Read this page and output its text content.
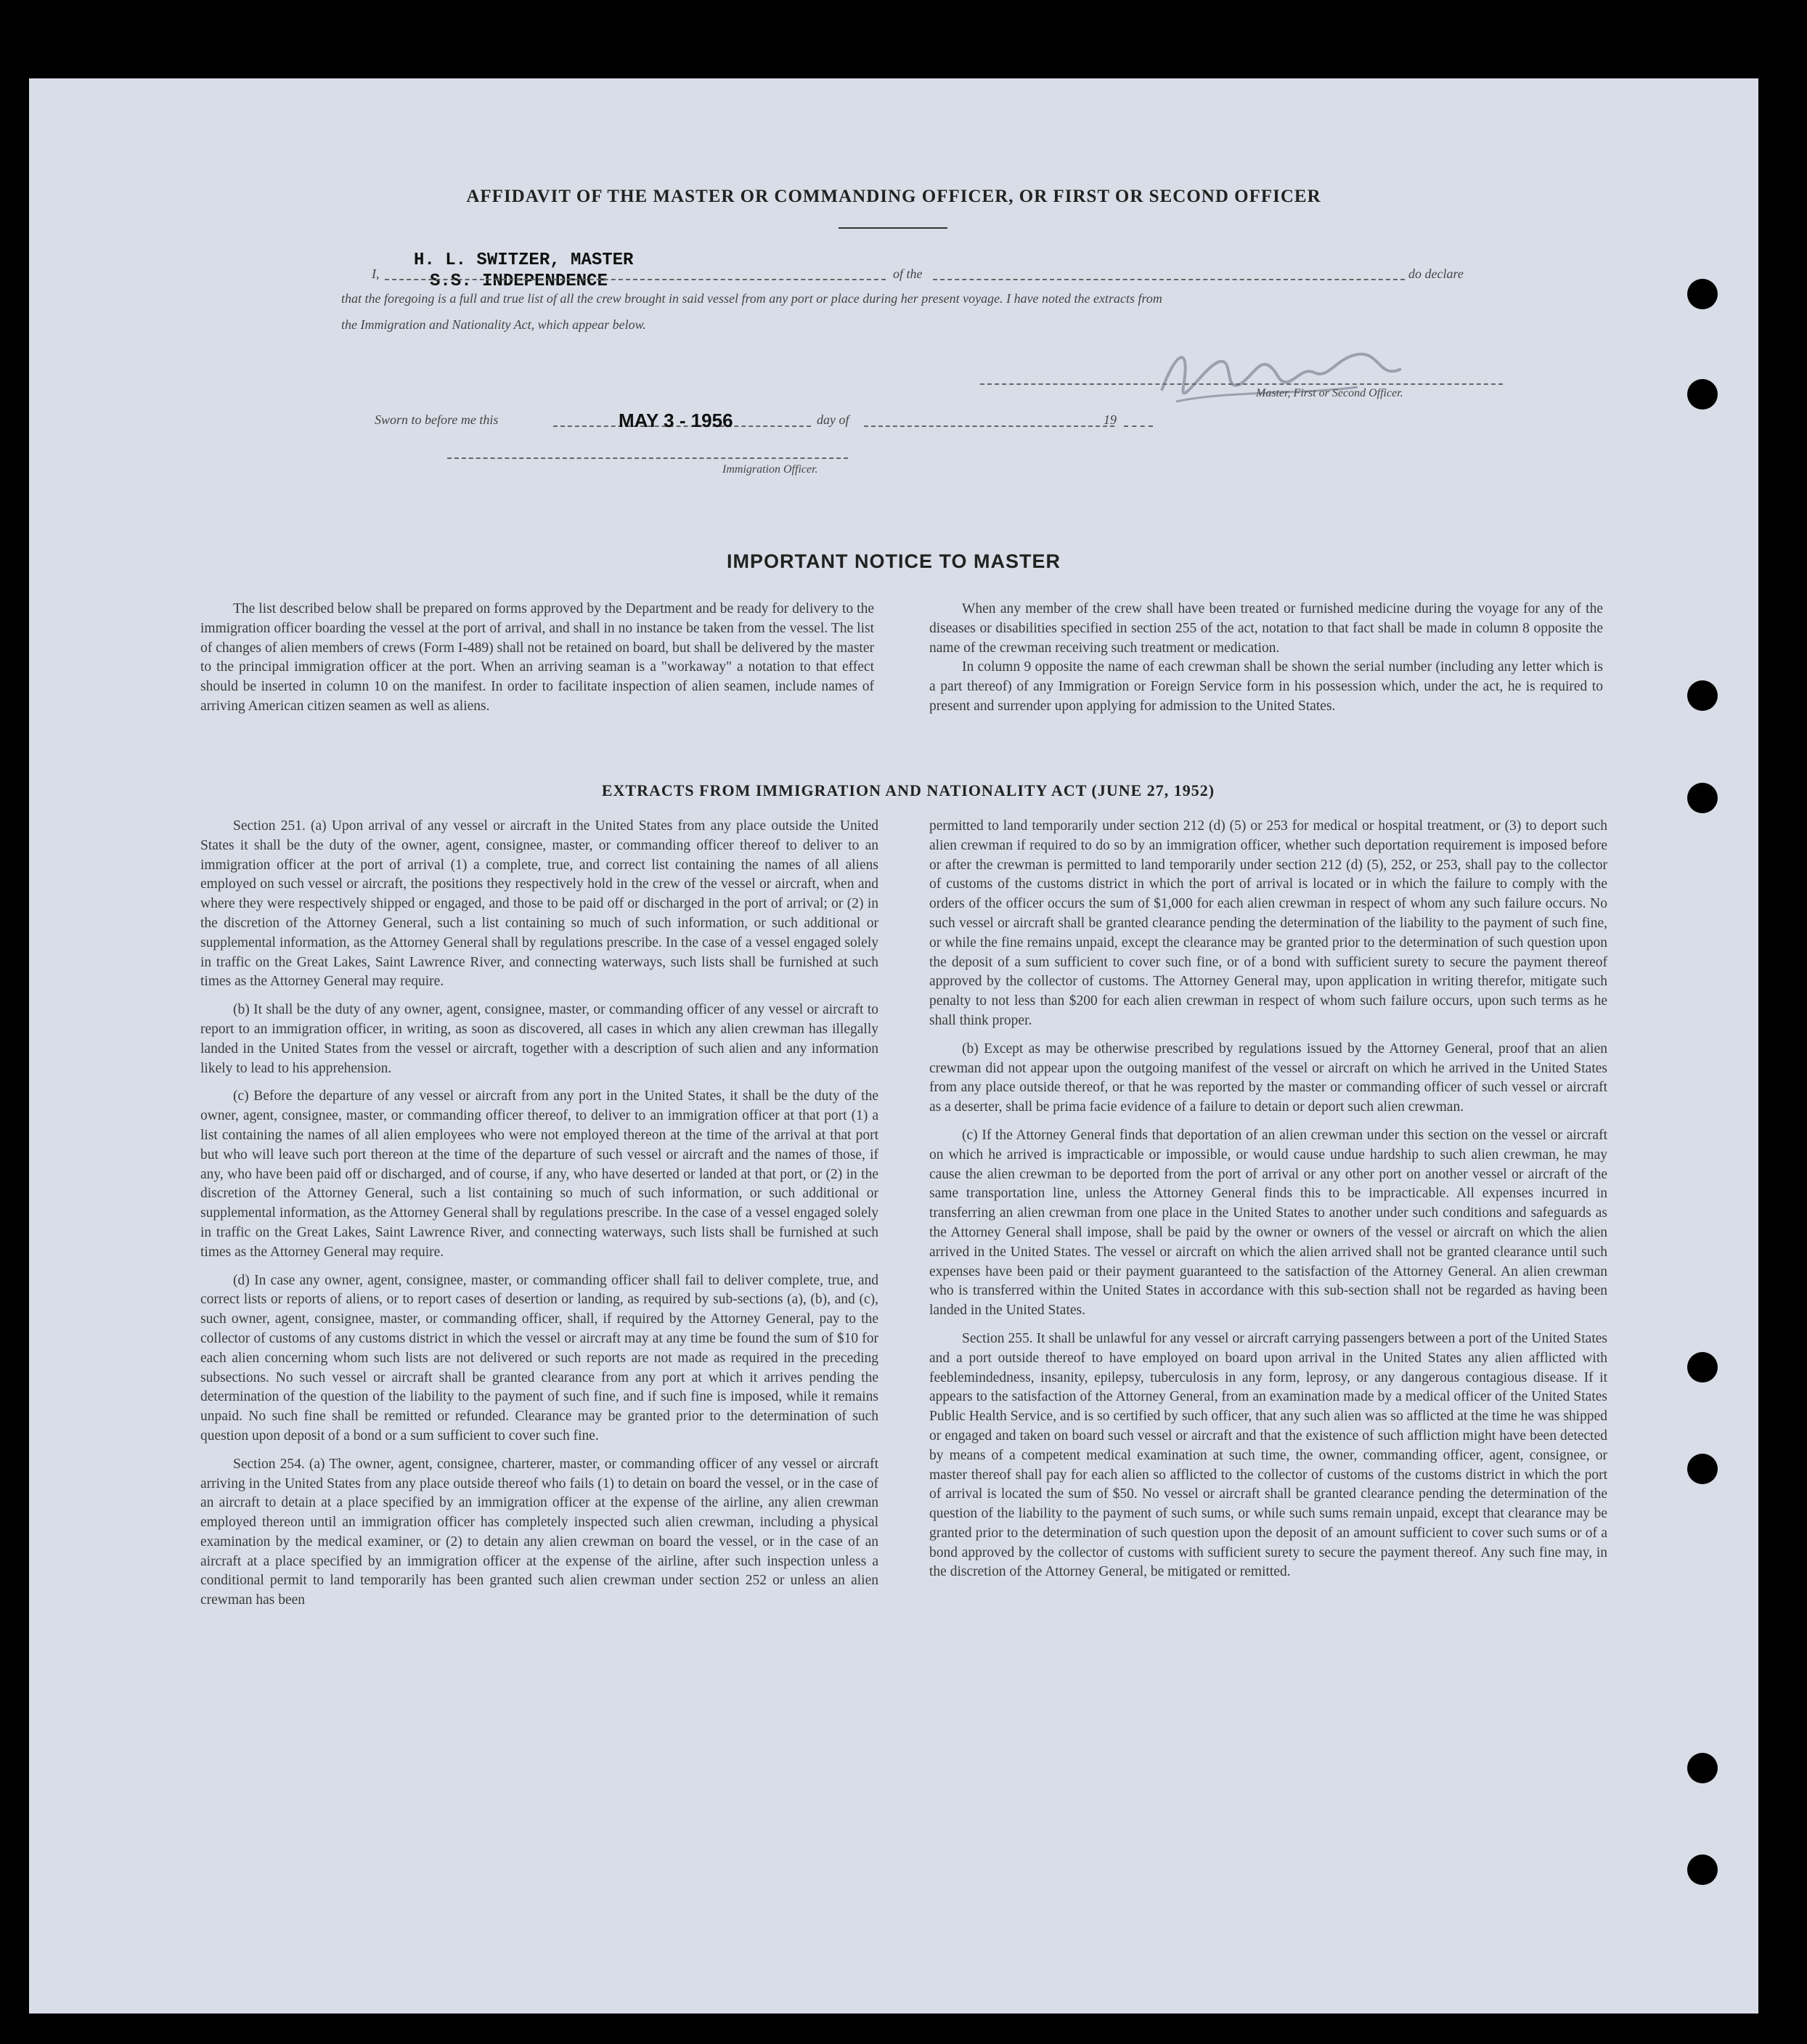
AFFIDAVIT OF THE MASTER OR COMMANDING OFFICER, OR FIRST OR SECOND OFFICER
H. L. SWITZER, MASTER
S.S. INDEPENDENCE
I,	of the	do declare
that the foregoing is a full and true list of all the crew brought in said vessel from any port or place during her present voyage. I have noted the extracts from
the Immigration and Nationality Act, which appear below.
Master, First or Second Officer.
Sworn to before me this	MAY 3 - 1956	day of	19
Immigration Officer.
IMPORTANT NOTICE TO MASTER

The list described below shall be prepared on forms approved by the Department and be ready for delivery to the immigration officer boarding the vessel at the port of arrival, and shall in no instance be taken from the vessel. The list of changes of alien members of crews (Form I-489) shall not be retained on board, but shall be delivered by the master to the principal immigration officer at the port. When an arriving seaman is a "workaway" a notation to that effect should be inserted in column 10 on the manifest. In order to facilitate inspection of alien seamen, include names of arriving American citizen seamen as well as aliens.

When any member of the crew shall have been treated or furnished medicine during the voyage for any of the diseases or disabilities specified in section 255 of the act, notation to that fact shall be made in column 8 opposite the name of the crewman receiving such treatment or medication.

In column 9 opposite the name of each crewman shall be shown the serial number (including any letter which is a part thereof) of any Immigration or Foreign Service form in his possession which, under the act, he is required to present and surrender upon applying for admission to the United States.

EXTRACTS FROM IMMIGRATION AND NATIONALITY ACT (JUNE 27, 1952)

Section 251. (a) Upon arrival of any vessel or aircraft in the United States from any place outside the United States it shall be the duty of the owner, agent, consignee, master, or commanding officer thereof to deliver to an immigration officer at the port of arrival (1) a complete, true, and correct list containing the names of all aliens employed on such vessel or aircraft, the positions they respectively hold in the crew of the vessel or aircraft, when and where they were respectively shipped or engaged, and those to be paid off or discharged in the port of arrival; or (2) in the discretion of the Attorney General, such a list containing so much of such information, or such additional or supplemental information, as the Attorney General shall by regulations prescribe. In the case of a vessel engaged solely in traffic on the Great Lakes, Saint Lawrence River, and connecting waterways, such lists shall be furnished at such times as the Attorney General may require.

(b) It shall be the duty of any owner, agent, consignee, master, or commanding officer of any vessel or aircraft to report to an immigration officer, in writing, as soon as discovered, all cases in which any alien crewman has illegally landed in the United States from the vessel or aircraft, together with a description of such alien and any information likely to lead to his apprehension.

(c) Before the departure of any vessel or aircraft from any port in the United States, it shall be the duty of the owner, agent, consignee, master, or commanding officer thereof, to deliver to an immigration officer at that port (1) a list containing the names of all alien employees who were not employed thereon at the time of the arrival at that port but who will leave such port thereon at the time of the departure of such vessel or aircraft and the names of those, if any, who have been paid off or discharged, and of course, if any, who have deserted or landed at that port, or (2) in the discretion of the Attorney General, such a list containing so much of such information, or such additional or supplemental information, as the Attorney General shall by regulations prescribe. In the case of a vessel engaged solely in traffic on the Great Lakes, Saint Lawrence River, and connecting waterways, such lists shall be furnished at such times as the Attorney General may require.

(d) In case any owner, agent, consignee, master, or commanding officer shall fail to deliver complete, true, and correct lists or reports of aliens, or to report cases of desertion or landing, as required by sub-sections (a), (b), and (c), such owner, agent, consignee, master, or commanding officer, shall, if required by the Attorney General, pay to the collector of customs of any customs district in which the vessel or aircraft may at any time be found the sum of $10 for each alien concerning whom such lists are not delivered or such reports are not made as required in the preceding subsections. No such vessel or aircraft shall be granted clearance from any port at which it arrives pending the determination of the question of the liability to the payment of such fine, and if such fine is imposed, while it remains unpaid. No such fine shall be remitted or refunded. Clearance may be granted prior to the determination of such question upon deposit of a bond or a sum sufficient to cover such fine.

Section 254. (a) The owner, agent, consignee, charterer, master, or commanding officer of any vessel or aircraft arriving in the United States from any place outside thereof who fails (1) to detain on board the vessel, or in the case of an aircraft to detain at a place specified by an immigration officer at the expense of the airline, any alien crewman employed thereon until an immigration officer has completely inspected such alien crewman, including a physical examination by the medical examiner, or (2) to detain any alien crewman on board the vessel, or in the case of an aircraft at a place specified by an immigration officer at the expense of the airline, after such inspection unless a conditional permit to land temporarily has been granted such alien crewman under section 252 or unless an alien crewman has been

permitted to land temporarily under section 212 (d) (5) or 253 for medical or hospital treatment, or (3) to deport such alien crewman if required to do so by an immigration officer, whether such deportation requirement is imposed before or after the crewman is permitted to land temporarily under section 212 (d) (5), 252, or 253, shall pay to the collector of customs of the customs district in which the port of arrival is located or in which the failure to comply with the orders of the officer occurs the sum of $1,000 for each alien crewman in respect of whom any such failure occurs. No such vessel or aircraft shall be granted clearance pending the determination of the liability to the payment of such fine, or while the fine remains unpaid, except the clearance may be granted prior to the determination of such question upon the deposit of a sum sufficient to cover such fine, or of a bond with sufficient surety to secure the payment thereof approved by the collector of customs. The Attorney General may, upon application in writing therefor, mitigate such penalty to not less than $200 for each alien crewman in respect of whom such failure occurs, upon such terms as he shall think proper.

(b) Except as may be otherwise prescribed by regulations issued by the Attorney General, proof that an alien crewman did not appear upon the outgoing manifest of the vessel or aircraft on which he arrived in the United States from any place outside thereof, or that he was reported by the master or commanding officer of such vessel or aircraft as a deserter, shall be prima facie evidence of a failure to detain or deport such alien crewman.

(c) If the Attorney General finds that deportation of an alien crewman under this section on the vessel or aircraft on which he arrived is impracticable or impossible, or would cause undue hardship to such alien crewman, he may cause the alien crewman to be deported from the port of arrival or any other port on another vessel or aircraft of the same transportation line, unless the Attorney General finds this to be impracticable. All expenses incurred in transferring an alien crewman from one place in the United States to another under such conditions and safeguards as the Attorney General shall impose, shall be paid by the owner or owners of the vessel or aircraft on which the alien arrived in the United States. The vessel or aircraft on which the alien arrived shall not be granted clearance until such expenses have been paid or their payment guaranteed to the satisfaction of the Attorney General. An alien crewman who is transferred within the United States in accordance with this sub-section shall not be regarded as having been landed in the United States.

Section 255. It shall be unlawful for any vessel or aircraft carrying passengers between a port of the United States and a port outside thereof to have employed on board upon arrival in the United States any alien afflicted with feeblemindedness, insanity, epilepsy, tuberculosis in any form, leprosy, or any dangerous contagious disease. If it appears to the satisfaction of the Attorney General, from an examination made by a medical officer of the United States Public Health Service, and is so certified by such officer, that any such alien was so afflicted at the time he was shipped or engaged and taken on board such vessel or aircraft and that the existence of such affliction might have been detected by means of a competent medical examination at such time, the owner, commanding officer, agent, consignee, or master thereof shall pay for each alien so afflicted to the collector of customs of the customs district in which the port of arrival is located the sum of $50. No vessel or aircraft shall be granted clearance pending the determination of the question of the liability to the payment of such sums, or while such sums remain unpaid, except that clearance may be granted prior to the determination of such question upon the deposit of an amount sufficient to cover such sums or of a bond approved by the collector of customs with sufficient surety to secure the payment thereof. Any such fine may, in the discretion of the Attorney General, be mitigated or remitted.
